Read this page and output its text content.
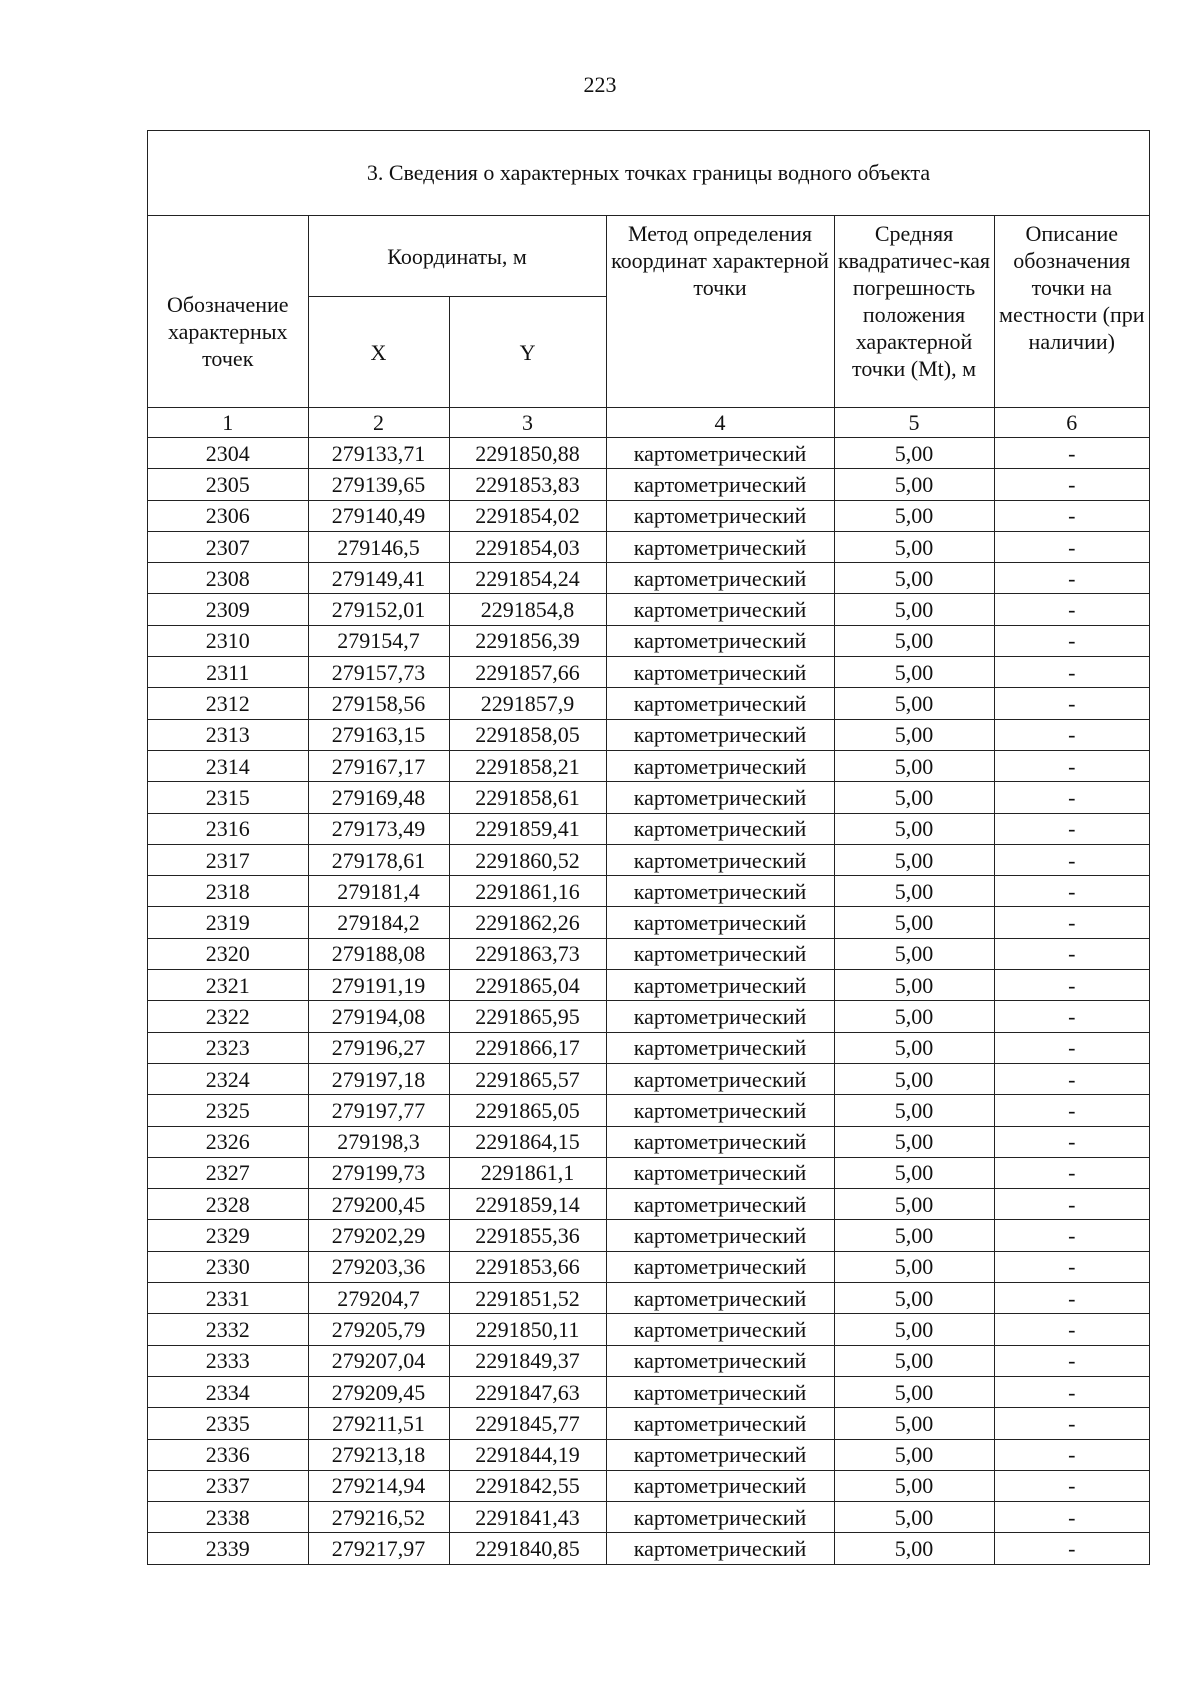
223
3. Сведения о характерных точках границы водного объекта
Обозначение характерных точек	Координаты, м		Метод определения координат характерной точки	Средняя квадратичес-кая погрешность положения характерной точки (Mt), м	Описание обозначения точки на местности (при наличии)
	X	Y			
1	2	3	4	5	6
2304	279133,71	2291850,88	картометрический	5,00	-
2305	279139,65	2291853,83	картометрический	5,00	-
2306	279140,49	2291854,02	картометрический	5,00	-
2307	279146,5	2291854,03	картометрический	5,00	-
2308	279149,41	2291854,24	картометрический	5,00	-
2309	279152,01	2291854,8	картометрический	5,00	-
2310	279154,7	2291856,39	картометрический	5,00	-
2311	279157,73	2291857,66	картометрический	5,00	-
2312	279158,56	2291857,9	картометрический	5,00	-
2313	279163,15	2291858,05	картометрический	5,00	-
2314	279167,17	2291858,21	картометрический	5,00	-
2315	279169,48	2291858,61	картометрический	5,00	-
2316	279173,49	2291859,41	картометрический	5,00	-
2317	279178,61	2291860,52	картометрический	5,00	-
2318	279181,4	2291861,16	картометрический	5,00	-
2319	279184,2	2291862,26	картометрический	5,00	-
2320	279188,08	2291863,73	картометрический	5,00	-
2321	279191,19	2291865,04	картометрический	5,00	-
2322	279194,08	2291865,95	картометрический	5,00	-
2323	279196,27	2291866,17	картометрический	5,00	-
2324	279197,18	2291865,57	картометрический	5,00	-
2325	279197,77	2291865,05	картометрический	5,00	-
2326	279198,3	2291864,15	картометрический	5,00	-
2327	279199,73	2291861,1	картометрический	5,00	-
2328	279200,45	2291859,14	картометрический	5,00	-
2329	279202,29	2291855,36	картометрический	5,00	-
2330	279203,36	2291853,66	картометрический	5,00	-
2331	279204,7	2291851,52	картометрический	5,00	-
2332	279205,79	2291850,11	картометрический	5,00	-
2333	279207,04	2291849,37	картометрический	5,00	-
2334	279209,45	2291847,63	картометрический	5,00	-
2335	279211,51	2291845,77	картометрический	5,00	-
2336	279213,18	2291844,19	картометрический	5,00	-
2337	279214,94	2291842,55	картометрический	5,00	-
2338	279216,52	2291841,43	картометрический	5,00	-
2339	279217,97	2291840,85	картометрический	5,00	-
